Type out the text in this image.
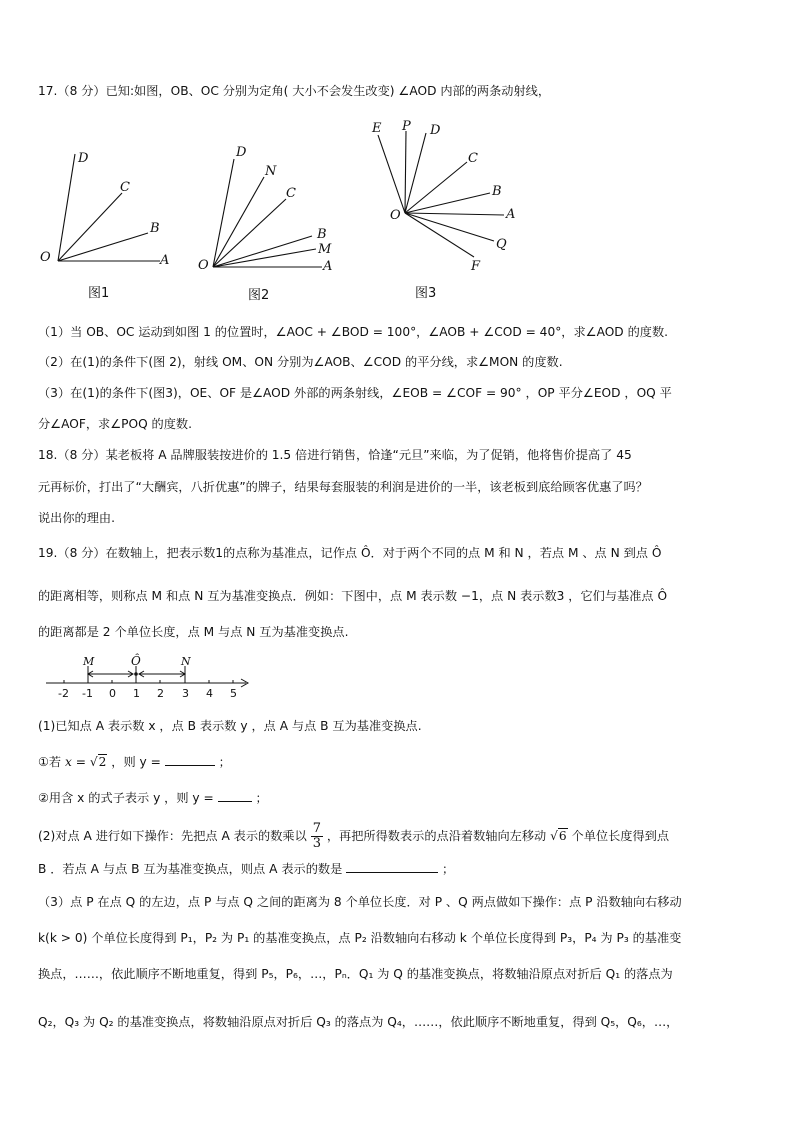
17.（8 分）已知:如图，OB、OC 分别为定角( 大小不会发生改变) ∠AOD 内部的两条动射线，
D
C
B
O	A
图1
D
N
C
B
M
O	A
图2
E P D
C
B
A
O
Q
F
图3
（1）当 OB、OC 运动到如图 1 的位置时，∠AOC + ∠BOD = 100°，∠AOB + ∠COD = 40°，求∠AOD 的度数.
（2）在(1)的条件下(图 2)，射线 OM、ON 分别为∠AOB、∠COD 的平分线，求∠MON 的度数.
（3）在(1)的条件下(图3)，OE、OF 是∠AOD 外部的两条射线，∠EOB = ∠COF = 90° ，OP 平分∠EOD ，OQ 平
分∠AOF，求∠POQ 的度数.
18.（8 分）某老板将 A 品牌服装按进价的 1.5 倍进行销售，恰逢“元旦”来临，为了促销，他将售价提高了 45
元再标价，打出了“大酬宾，八折优惠”的牌子，结果每套服装的利润是进价的一半，该老板到底给顾客优惠了吗？
说出你的理由.
19.（8 分）在数轴上，把表示数1的点称为基准点，记作点 Ô．对于两个不同的点 M 和 N ，若点 M 、点 N 到点 Ô
的距离相等，则称点 M 和点 N 互为基准变换点．例如：下图中，点 M 表示数 −1，点 N 表示数3 ，它们与基准点 Ô
的距离都是 2 个单位长度，点 M 与点 N 互为基准变换点.
M	Ô	N
-2 -1 0 1 2 3 4 5
(1)已知点 A 表示数 x ，点 B 表示数 y ，点 A 与点 B 互为基准变换点.
①若 x = √2 ，则 y =	；
②用含 x 的式子表示 y ，则 y =	；
(2)对点 A 进行如下操作：先把点 A 表示的数乘以 $\frac{7}{3}$ ，再把所得数表示的点沿着数轴向左移动 √6 个单位长度得到点
B ．若点 A 与点 B 互为基准变换点，则点 A 表示的数是	；
（3）点 P 在点 Q 的左边，点 P 与点 Q 之间的距离为 8 个单位长度．对 P 、Q 两点做如下操作：点 P 沿数轴向右移动
k(k > 0) 个单位长度得到 P₁，P₂ 为 P₁ 的基准变换点，点 P₂ 沿数轴向右移动 k 个单位长度得到 P₃，P₄ 为 P₃ 的基准变
换点，……，依此顺序不断地重复，得到 P₅，P₆，…，Pₙ．Q₁ 为 Q 的基准变换点，将数轴沿原点对折后 Q₁ 的落点为
Q₂，Q₃ 为 Q₂ 的基准变换点，将数轴沿原点对折后 Q₃ 的落点为 Q₄，……，依此顺序不断地重复，得到 Q₅，Q₆，…，
